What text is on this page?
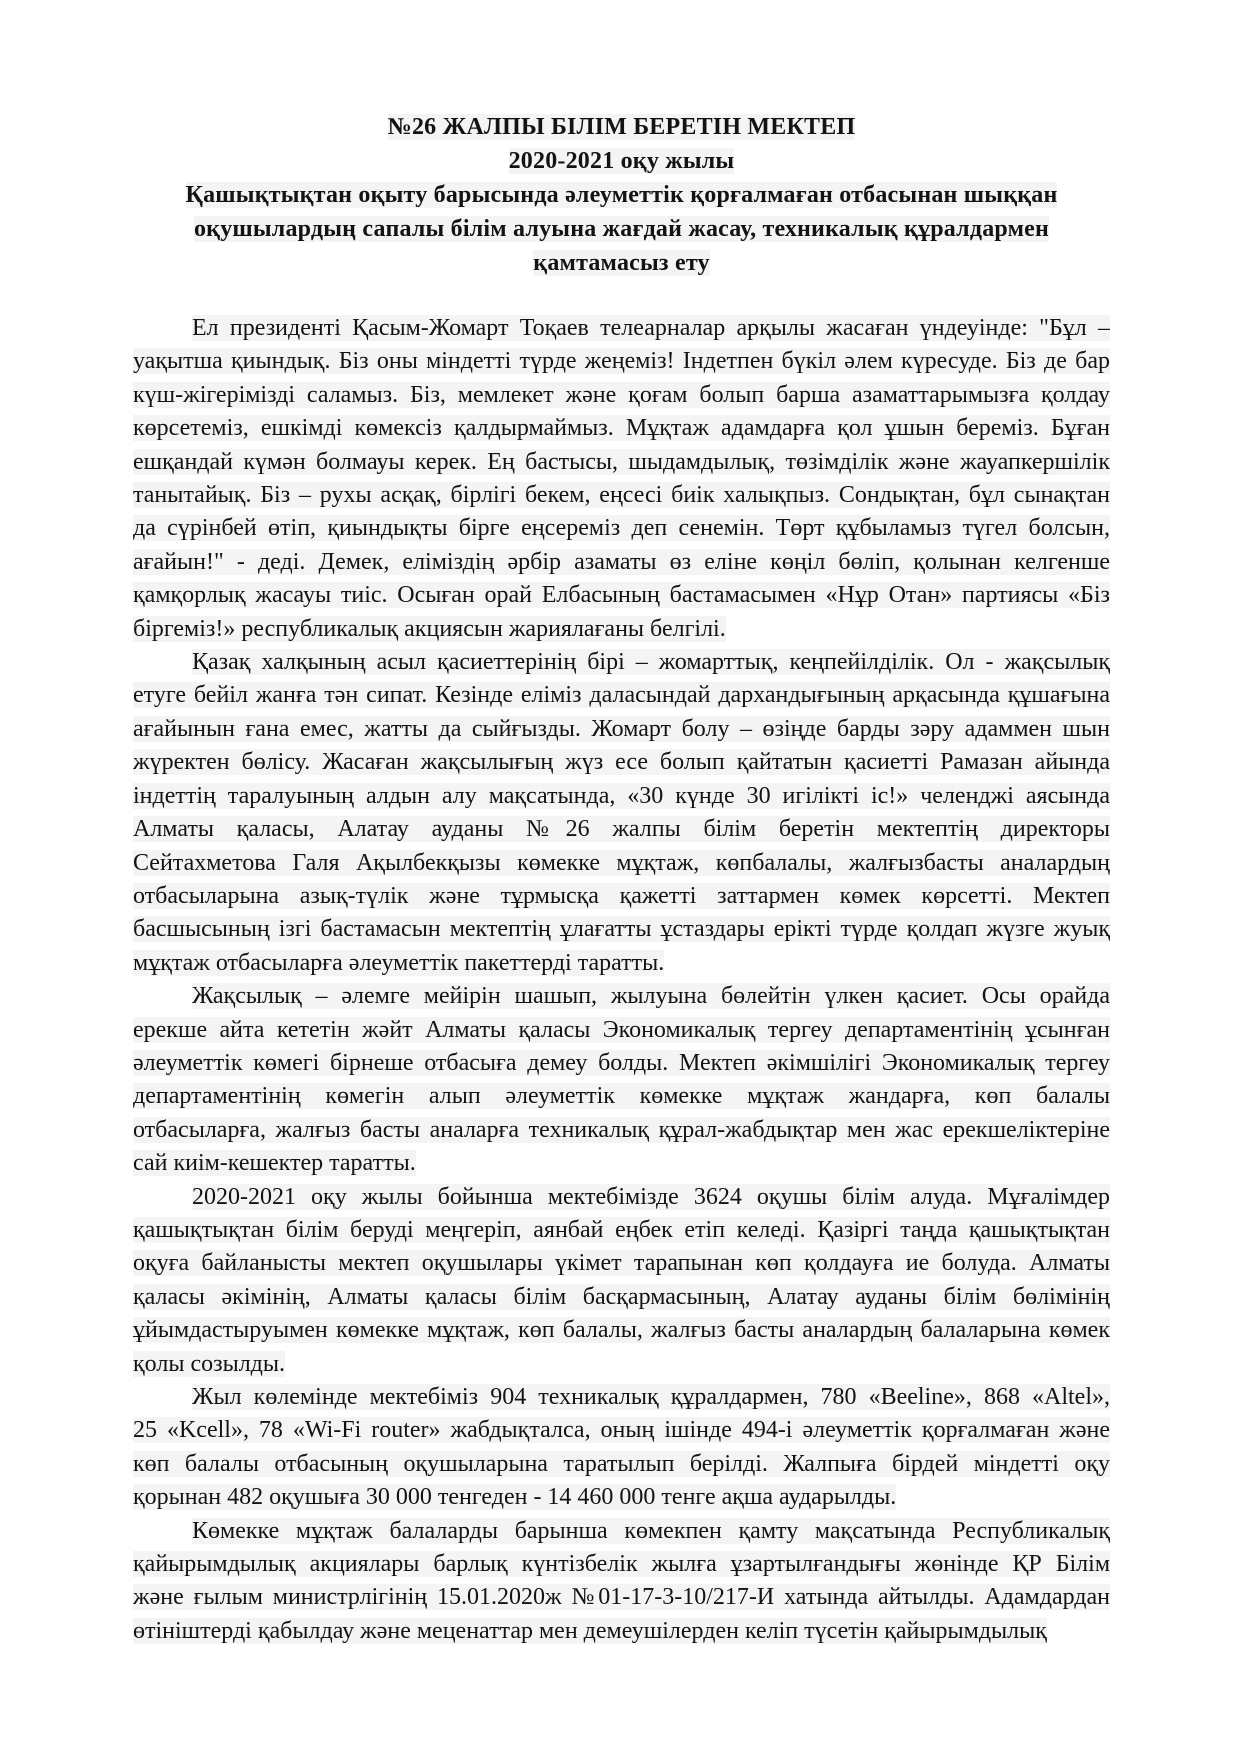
№26 ЖАЛПЫ БІЛІМ БЕРЕТІН МЕКТЕП
2020-2021 оқу жылы
Қашықтықтан оқыту барысында әлеуметтік қорғалмаған отбасынан шыққан
оқушылардың сапалы білім алуына жағдай жасау, техникалық құралдармен
қамтамасыз ету
Ел президенті Қасым-Жомарт Тоқаев телеарналар арқылы жасаған үндеуінде: "Бұл –
уақытша қиындық. Біз оны міндетті түрде жеңеміз! Індетпен бүкіл әлем күресуде. Біз де бар
күш-жігерімізді саламыз. Біз, мемлекет және қоғам болып барша азаматтарымызға қолдау
көрсетеміз, ешкімді көмексіз қалдырмаймыз. Мұқтаж адамдарға қол ұшын береміз. Бұған
ешқандай күмән болмауы керек. Ең бастысы, шыдамдылық, төзімділік және жауапкершілік
танытайық. Біз – рухы асқақ, бірлігі бекем, еңсесі биік халықпыз. Сондықтан, бұл сынақтан
да сүрінбей өтіп, қиындықты бірге еңсереміз деп сенемін. Төрт құбыламыз түгел болсын,
ағайын!" - деді. Демек, еліміздің әрбір азаматы өз еліне көңіл бөліп, қолынан келгенше
қамқорлық жасауы тиіс. Осыған орай Елбасының бастамасымен «Нұр Отан» партиясы «Біз
біргеміз!» республикалық акциясын жариялағаны белгілі.
Қазақ халқының асыл қасиеттерінің бірі – жомарттық, кеңпейілділік. Ол - жақсылық
етуге бейіл жанға тән сипат. Кезінде еліміз даласындай дархандығының арқасында құшағына
ағайынын ғана емес, жатты да сыйғызды. Жомарт болу – өзіңде барды зәру адаммен шын
жүректен бөлісу. Жасаған жақсылығың жүз есе болып қайтатын қасиетті Рамазан айында
індеттің таралуының алдын алу мақсатында, «30 күнде 30 игілікті іс!» челенджі аясында
Алматы қаласы, Алатау ауданы №26 жалпы білім беретін мектептің директоры
Сейтахметова Галя Ақылбекқызы көмекке мұқтаж, көпбалалы, жалғызбасты аналардың
отбасыларына азық-түлік және тұрмысқа қажетті заттармен көмек көрсетті. Мектеп
басшысының ізгі бастамасын мектептің ұлағатты ұстаздары ерікті түрде қолдап жүзге жуық
мұқтаж отбасыларға әлеуметтік пакеттерді таратты.
Жақсылық – әлемге мейірін шашып, жылуына бөлейтін үлкен қасиет. Осы орайда
ерекше айта кететін жәйт Алматы қаласы Экономикалық тергеу департаментінің ұсынған
әлеуметтік көмегі бірнеше отбасыға демеу болды. Мектеп әкімшілігі Экономикалық тергеу
департаментінің көмегін алып әлеуметтік көмекке мұқтаж жандарға, көп балалы
отбасыларға, жалғыз басты аналарға техникалық құрал-жабдықтар мен жас ерекшеліктеріне
сай киім-кешектер таратты.
2020-2021 оқу жылы бойынша мектебімізде 3624 оқушы білім алуда. Мұғалімдер
қашықтықтан білім беруді меңгеріп, аянбай еңбек етіп келеді. Қазіргі таңда қашықтықтан
оқуға байланысты мектеп оқушылары үкімет тарапынан көп қолдауға ие болуда. Алматы
қаласы әкімінің, Алматы қаласы білім басқармасының, Алатау ауданы білім бөлімінің
ұйымдастыруымен көмекке мұқтаж, көп балалы, жалғыз басты аналардың балаларына көмек
қолы созылды.
Жыл көлемінде мектебіміз 904 техникалық құралдармен, 780 «Beeline», 868 «Altel»,
25 «Kcell», 78 «Wi-Fi router» жабдықталса, оның ішінде 494-і әлеуметтік қорғалмаған және
көп балалы отбасының оқушыларына таратылып берілді. Жалпыға бірдей міндетті оқу
қорынан 482 оқушыға 30 000 тенгеден - 14 460 000 тенге ақша аударылды.
Көмекке мұқтаж балаларды барынша көмекпен қамту мақсатында Республикалық
қайырымдылық акциялары барлық күнтізбелік жылға ұзартылғандығы жөнінде ҚР Білім
және ғылым министрлігінің 15.01.2020ж №01-17-3-10/217-И хатында айтылды. Адамдардан
өтініштерді қабылдау және меценаттар мен демеушілерден келіп түсетін қайырымдылық
